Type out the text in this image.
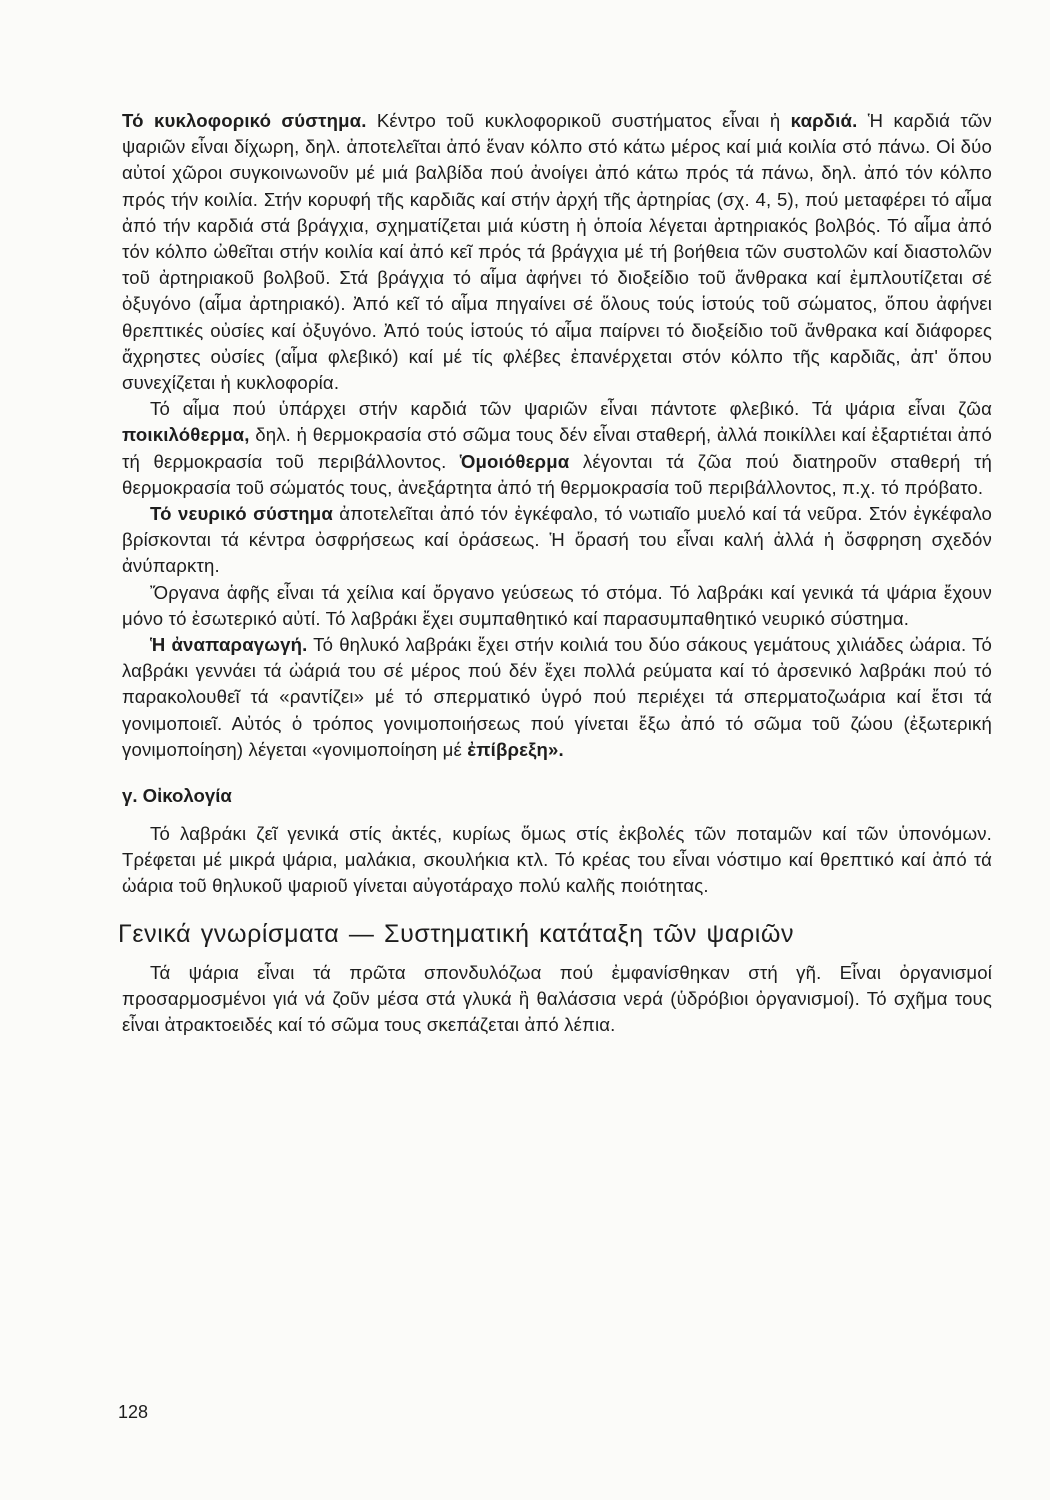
Τό κυκλοφορικό σύστημα. Κέντρο τοῦ κυκλοφορικοῦ συστήματος εἶναι ἡ καρδιά. Ἡ καρδιά τῶν ψαριῶν εἶναι δίχωρη, δηλ. ἀποτελεῖται ἀπό ἕναν κόλπο στό κάτω μέρος καί μιά κοιλία στό πάνω. Οἱ δύο αὐτοί χῶροι συγκοινωνοῦν μέ μιά βαλβίδα πού ἀνοίγει ἀπό κάτω πρός τά πάνω, δηλ. ἀπό τόν κόλπο πρός τήν κοιλία. Στήν κορυφή τῆς καρδιᾶς καί στήν ἀρχή τῆς ἀρτηρίας (σχ. 4, 5), πού μεταφέρει τό αἷμα ἀπό τήν καρδιά στά βράγχια, σχηματίζεται μιά κύστη ἡ ὁποία λέγεται ἀρτηριακός βολβός. Τό αἷμα ἀπό τόν κόλπο ὠθεῖται στήν κοιλία καί ἀπό κεῖ πρός τά βράγχια μέ τή βοήθεια τῶν συστολῶν καί διαστολῶν τοῦ ἀρτηριακοῦ βολβοῦ. Στά βράγχια τό αἷμα ἀφήνει τό διοξείδιο τοῦ ἄνθρακα καί ἐμπλουτίζεται σέ ὀξυγόνο (αἷμα ἀρτηριακό). Ἀπό κεῖ τό αἷμα πηγαίνει σέ ὅλους τούς ἱστούς τοῦ σώματος, ὅπου ἀφήνει θρεπτικές οὐσίες καί ὀξυγόνο. Ἀπό τούς ἱστούς τό αἷμα παίρνει τό διοξείδιο τοῦ ἄνθρακα καί διάφορες ἄχρηστες οὐσίες (αἷμα φλεβικό) καί μέ τίς φλέβες ἐπανέρχεται στόν κόλπο τῆς καρδιᾶς, ἀπ' ὅπου συνεχίζεται ἡ κυκλοφορία.

Τό αἷμα πού ὑπάρχει στήν καρδιά τῶν ψαριῶν εἶναι πάντοτε φλεβικό. Τά ψάρια εἶναι ζῶα ποικιλόθερμα, δηλ. ἡ θερμοκρασία στό σῶμα τους δέν εἶναι σταθερή, ἀλλά ποικίλλει καί ἐξαρτιέται ἀπό τή θερμοκρασία τοῦ περιβάλλοντος. Ὁμοιόθερμα λέγονται τά ζῶα πού διατηροῦν σταθερή τή θερμοκρασία τοῦ σώματός τους, ἀνεξάρτητα ἀπό τή θερμοκρασία τοῦ περιβάλλοντος, π.χ. τό πρόβατο.

Τό νευρικό σύστημα ἀποτελεῖται ἀπό τόν ἐγκέφαλο, τό νωτιαῖο μυελό καί τά νεῦρα. Στόν ἐγκέφαλο βρίσκονται τά κέντρα ὀσφρήσεως καί ὁράσεως. Ἡ ὅρασή του εἶναι καλή ἀλλά ἡ ὄσφρηση σχεδόν ἀνύπαρκτη.

Ὄργανα ἁφῆς εἶναι τά χείλια καί ὄργανο γεύσεως τό στόμα. Τό λαβράκι καί γενικά τά ψάρια ἔχουν μόνο τό ἐσωτερικό αὐτί. Τό λαβράκι ἔχει συμπαθητικό καί παρασυμπαθητικό νευρικό σύστημα.

Ἡ ἀναπαραγωγή. Τό θηλυκό λαβράκι ἔχει στήν κοιλιά του δύο σάκους γεμάτους χιλιάδες ὠάρια. Τό λαβράκι γεννάει τά ὠάριά του σέ μέρος πού δέν ἔχει πολλά ρεύματα καί τό ἀρσενικό λαβράκι πού τό παρακολουθεῖ τά «ραντίζει» μέ τό σπερματικό ὑγρό πού περιέχει τά σπερματοζωάρια καί ἔτσι τά γονιμοποιεῖ. Αὐτός ὁ τρόπος γονιμοποιήσεως πού γίνεται ἔξω ἀπό τό σῶμα τοῦ ζώου (ἐξωτερική γονιμοποίηση) λέγεται «γονιμοποίηση μέ ἐπίβρεξη».

γ. Οἰκολογία

Τό λαβράκι ζεῖ γενικά στίς ἀκτές, κυρίως ὅμως στίς ἐκβολές τῶν ποταμῶν καί τῶν ὑπονόμων. Τρέφεται μέ μικρά ψάρια, μαλάκια, σκουλήκια κτλ. Τό κρέας του εἶναι νόστιμο καί θρεπτικό καί ἀπό τά ὠάρια τοῦ θηλυκοῦ ψαριοῦ γίνεται αὐγοτάραχο πολύ καλῆς ποιότητας.

Γενικά γνωρίσματα — Συστηματική κατάταξη τῶν ψαριῶν

Τά ψάρια εἶναι τά πρῶτα σπονδυλόζωα πού ἐμφανίσθηκαν στή γῆ. Εἶναι ὀργανισμοί προσαρμοσμένοι γιά νά ζοῦν μέσα στά γλυκά ἢ θαλάσσια νερά (ὑδρόβιοι ὀργανισμοί). Τό σχῆμα τους εἶναι ἀτρακτοειδές καί τό σῶμα τους σκεπάζεται ἀπό λέπια.

128
